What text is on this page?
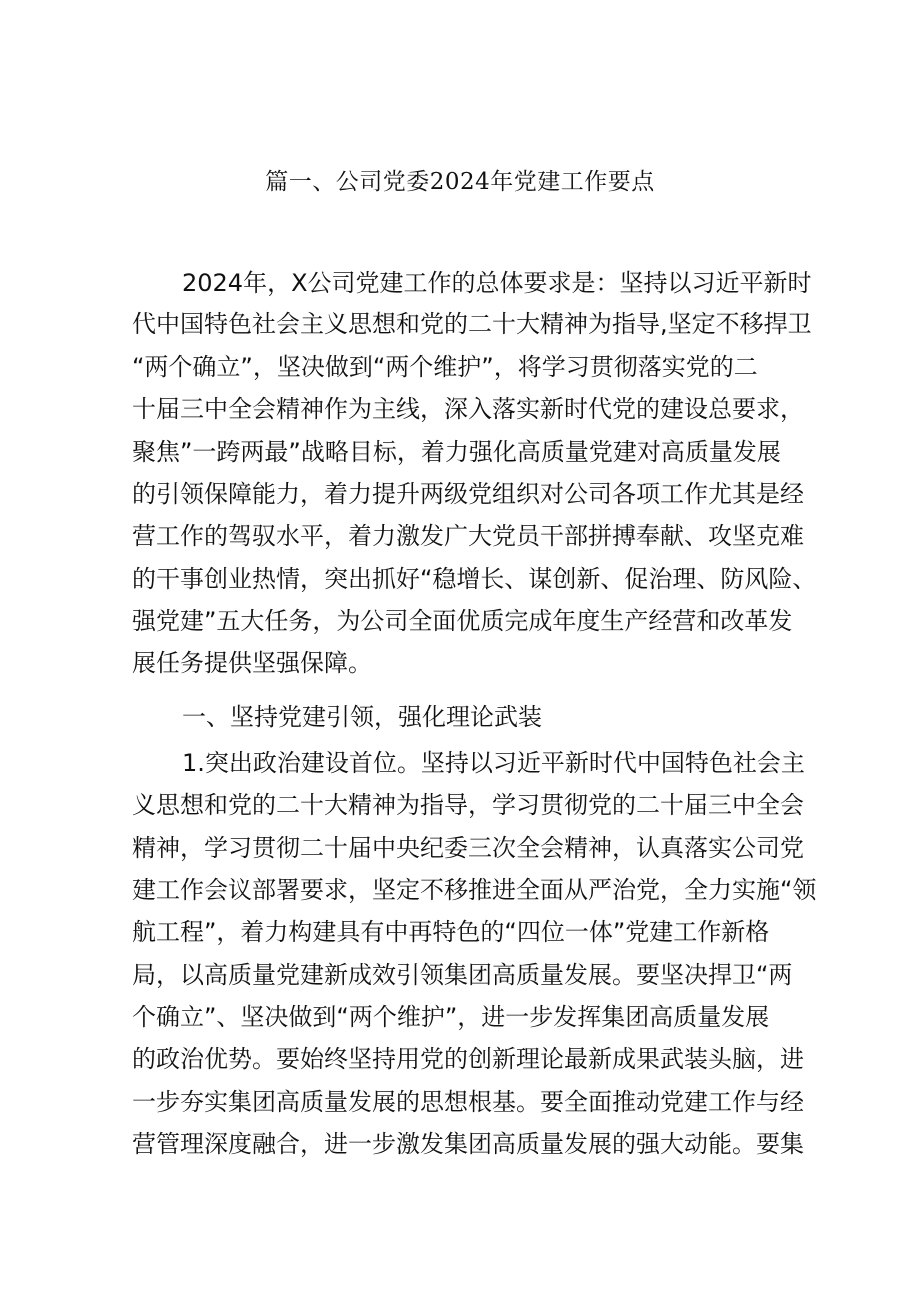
篇一、公司党委2024年党建工作要点
2024年，X公司党建工作的总体要求是：坚持以习近平新时
代中国特色社会主义思想和党的二十大精神为指导,坚定不移捍卫
“两个确立”，坚决做到“两个维护”，将学习贯彻落实党的二
十届三中全会精神作为主线，深入落实新时代党的建设总要求，
聚焦”一跨两最”战略目标，着力强化高质量党建对高质量发展
的引领保障能力，着力提升两级党组织对公司各项工作尤其是经
营工作的驾驭水平，着力激发广大党员干部拼搏奉献、攻坚克难
的干事创业热情，突出抓好“稳增长、谋创新、促治理、防风险、
强党建”五大任务，为公司全面优质完成年度生产经营和改革发
展任务提供坚强保障。
一、坚持党建引领，强化理论武装
1.突出政治建设首位。坚持以习近平新时代中国特色社会主
义思想和党的二十大精神为指导，学习贯彻党的二十届三中全会
精神，学习贯彻二十届中央纪委三次全会精神，认真落实公司党
建工作会议部署要求，坚定不移推进全面从严治党，全力实施“领
航工程”，着力构建具有中再特色的“四位一体”党建工作新格
局，以高质量党建新成效引领集团高质量发展。要坚决捍卫“两
个确立”、坚决做到“两个维护”，进一步发挥集团高质量发展
的政治优势。要始终坚持用党的创新理论最新成果武装头脑，进
一步夯实集团高质量发展的思想根基。要全面推动党建工作与经
营管理深度融合，进一步激发集团高质量发展的强大动能。要集
